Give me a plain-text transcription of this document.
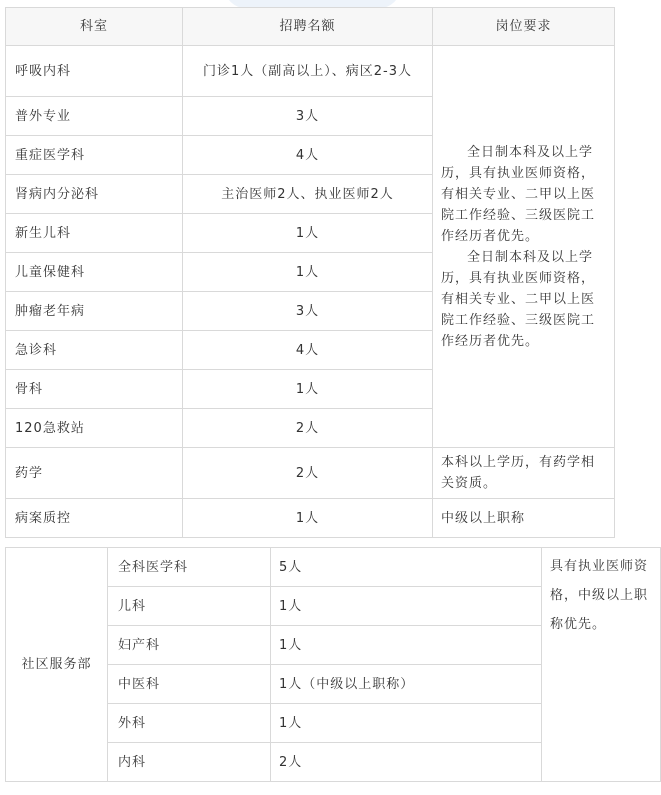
科室	招聘名额	岗位要求
呼吸内科	门诊1人（副高以上）、病区2-3人	全日制本科及以上学历，具有执业医师资格，有相关专业、二甲以上医院工作经验、三级医院工作经历者优先。

全日制本科及以上学历，具有执业医师资格，有相关专业、二甲以上医院工作经验、三级医院工作经历者优先。

普外专业	3人	
重症医学科	4人	
肾病内分泌科	主治医师2人、执业医师2人	
新生儿科	1人	
儿童保健科	1人	
肿瘤老年病	3人	
急诊科	4人	
骨科	1人	
120急救站	2人	
药学	2人	本科以上学历，有药学相关资质。
病案质控	1人	中级以上职称
社区服务部	全科医学科	5人	具有执业医师资格，中级以上职称优先。

	儿科	1人	
	妇产科	1人	
	中医科	1人（中级以上职称）	
	外科	1人	
	内科	2人	
